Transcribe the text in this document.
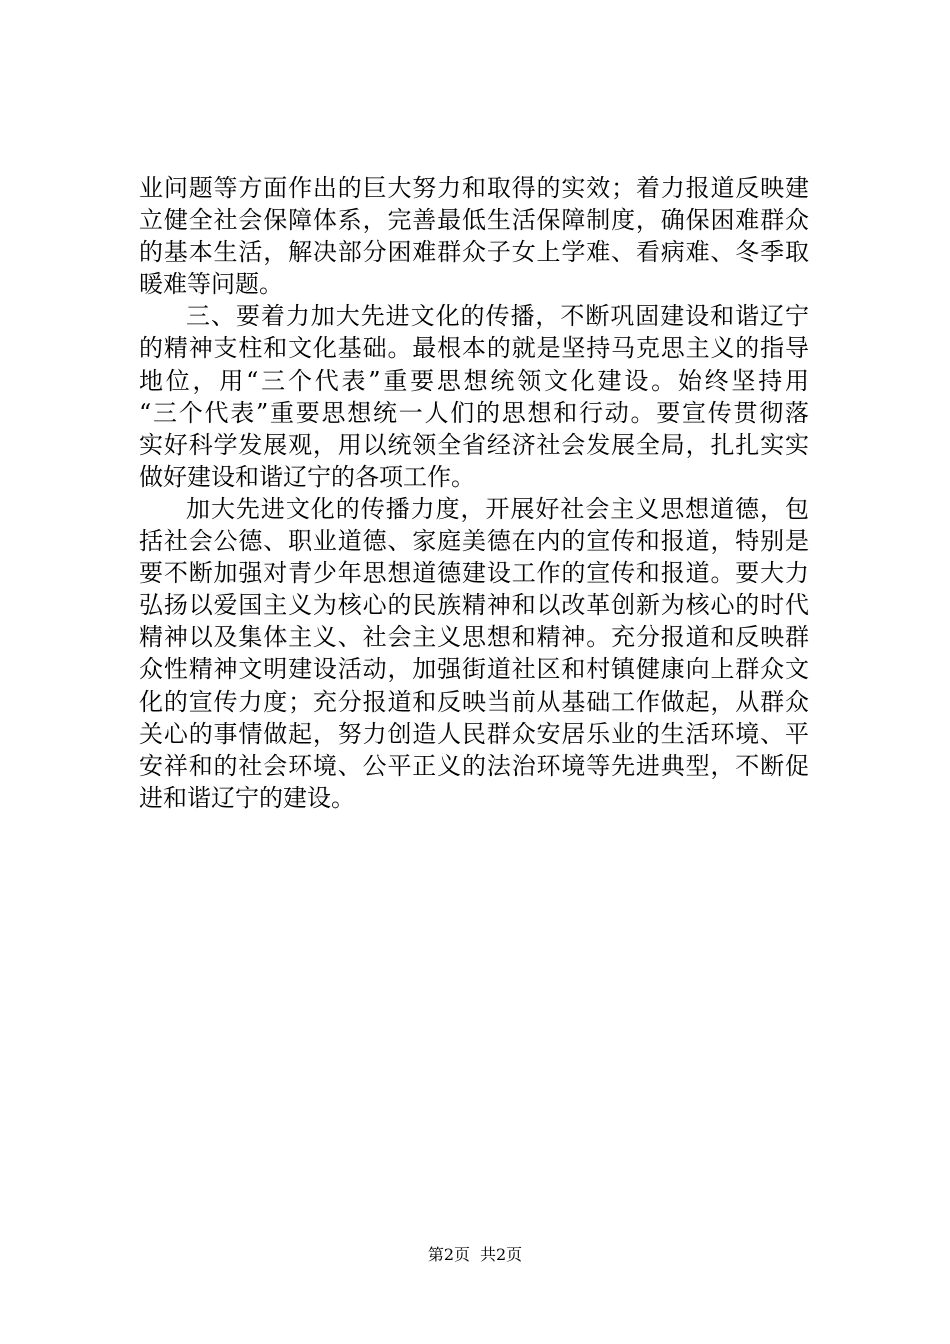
业问题等方面作出的巨大努力和取得的实效；着力报道反映建
立健全社会保障体系，完善最低生活保障制度，确保困难群众
的基本生活，解决部分困难群众子女上学难、看病难、冬季取
暖难等问题。
三、要着力加大先进文化的传播，不断巩固建设和谐辽宁
的精神支柱和文化基础。最根本的就是坚持马克思主义的指导
地位，用“三个代表”重要思想统领文化建设。始终坚持用
“三个代表”重要思想统一人们的思想和行动。要宣传贯彻落
实好科学发展观，用以统领全省经济社会发展全局，扎扎实实
做好建设和谐辽宁的各项工作。
加大先进文化的传播力度，开展好社会主义思想道德，包
括社会公德、职业道德、家庭美德在内的宣传和报道，特别是
要不断加强对青少年思想道德建设工作的宣传和报道。要大力
弘扬以爱国主义为核心的民族精神和以改革创新为核心的时代
精神以及集体主义、社会主义思想和精神。充分报道和反映群
众性精神文明建设活动，加强街道社区和村镇健康向上群众文
化的宣传力度；充分报道和反映当前从基础工作做起，从群众
关心的事情做起，努力创造人民群众安居乐业的生活环境、平
安祥和的社会环境、公平正义的法治环境等先进典型，不断促
进和谐辽宁的建设。
第2页 共2页
